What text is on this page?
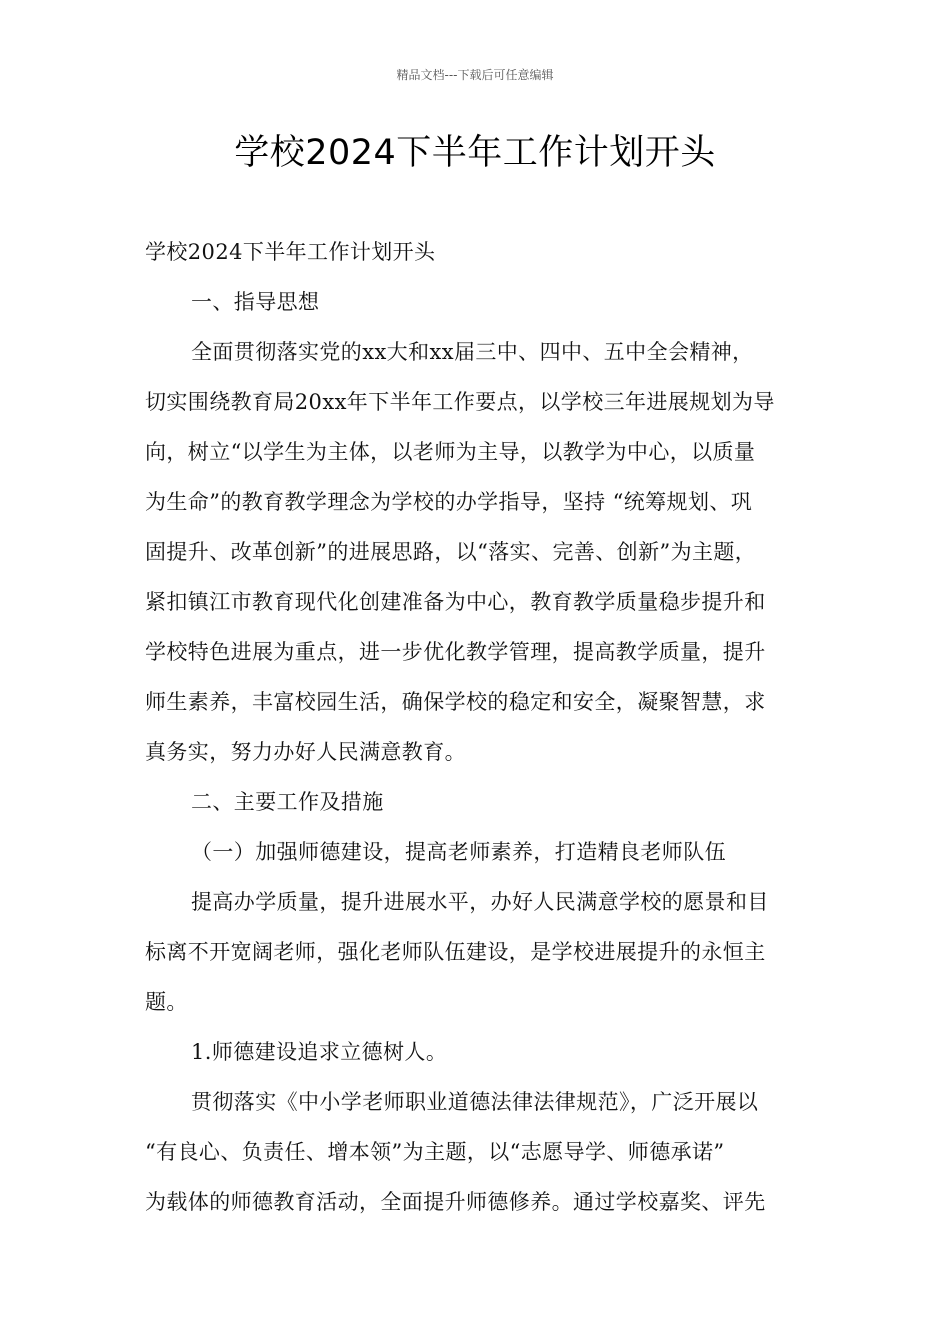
精品文档---下载后可任意编辑
学校2024下半年工作计划开头

学校2024下半年工作计划开头

一、指导思想

全面贯彻落实党的xx大和xx届三中、四中、五中全会精神，

切实围绕教育局20xx年下半年工作要点，以学校三年进展规划为导

向，树立“以学生为主体，以老师为主导，以教学为中心，以质量

为生命”的教育教学理念为学校的办学指导，坚持 “统筹规划、巩

固提升、改革创新”的进展思路，以“落实、完善、创新”为主题，

紧扣镇江市教育现代化创建准备为中心，教育教学质量稳步提升和

学校特色进展为重点，进一步优化教学管理，提高教学质量，提升

师生素养，丰富校园生活，确保学校的稳定和安全，凝聚智慧，求

真务实，努力办好人民满意教育。

二、主要工作及措施

（一）加强师德建设，提高老师素养，打造精良老师队伍

提高办学质量，提升进展水平，办好人民满意学校的愿景和目

标离不开宽阔老师，强化老师队伍建设，是学校进展提升的永恒主

题。

1.师德建设追求立德树人。

贯彻落实《中小学老师职业道德法律法律规范》，广泛开展以

“有良心、负责任、增本领”为主题，以“志愿导学、师德承诺”

为载体的师德教育活动，全面提升师德修养。通过学校嘉奖、评先
